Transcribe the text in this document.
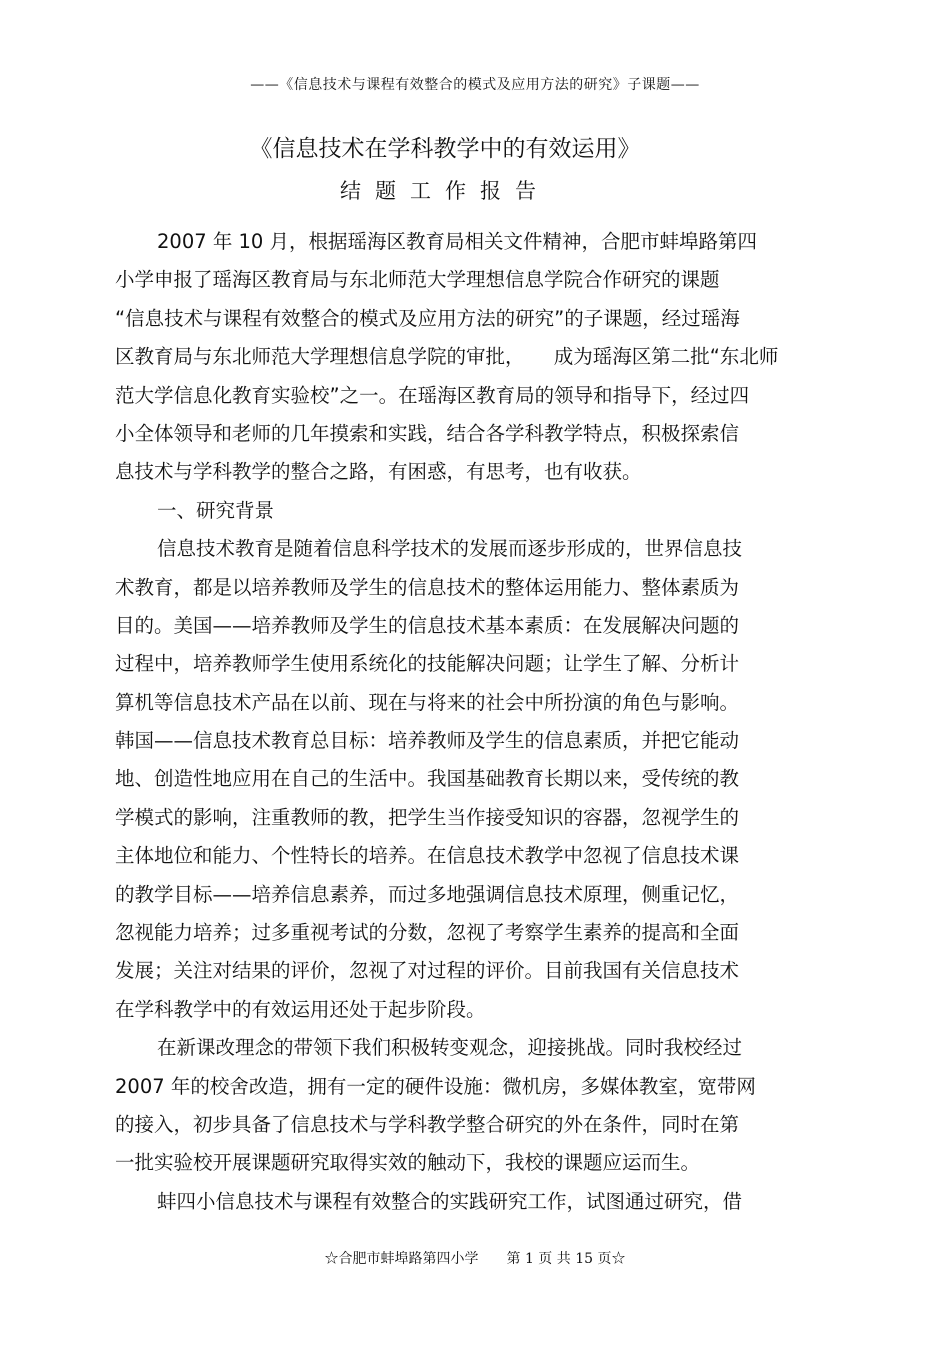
——《信息技术与课程有效整合的模式及应用方法的研究》子课题——
《信息技术在学科教学中的有效运用》
结题工作报告
2007 年 10 月，根据瑶海区教育局相关文件精神，合肥市蚌埠路第四
小学申报了瑶海区教育局与东北师范大学理想信息学院合作研究的课题
“信息技术与课程有效整合的模式及应用方法的研究”的子课题，经过瑶海
区教育局与东北师范大学理想信息学院的审批，　　成为瑶海区第二批“东北师
范大学信息化教育实验校”之一。在瑶海区教育局的领导和指导下，经过四
小全体领导和老师的几年摸索和实践，结合各学科教学特点，积极探索信
息技术与学科教学的整合之路，有困惑，有思考，也有收获。
一、研究背景
信息技术教育是随着信息科学技术的发展而逐步形成的，世界信息技
术教育，都是以培养教师及学生的信息技术的整体运用能力、整体素质为
目的。美国——培养教师及学生的信息技术基本素质：在发展解决问题的
过程中，培养教师学生使用系统化的技能解决问题；让学生了解、分析计
算机等信息技术产品在以前、现在与将来的社会中所扮演的角色与影响。
韩国——信息技术教育总目标：培养教师及学生的信息素质，并把它能动
地、创造性地应用在自己的生活中。我国基础教育长期以来，受传统的教
学模式的影响，注重教师的教，把学生当作接受知识的容器，忽视学生的
主体地位和能力、个性特长的培养。在信息技术教学中忽视了信息技术课
的教学目标——培养信息素养，而过多地强调信息技术原理，侧重记忆，
忽视能力培养；过多重视考试的分数，忽视了考察学生素养的提高和全面
发展；关注对结果的评价，忽视了对过程的评价。目前我国有关信息技术
在学科教学中的有效运用还处于起步阶段。
在新课改理念的带领下我们积极转变观念，迎接挑战。同时我校经过
2007 年的校舍改造，拥有一定的硬件设施：微机房，多媒体教室，宽带网
的接入，初步具备了信息技术与学科教学整合研究的外在条件，同时在第
一批实验校开展课题研究取得实效的触动下，我校的课题应运而生。
蚌四小信息技术与课程有效整合的实践研究工作，试图通过研究，借
☆合肥市蚌埠路第四小学　　第 1 页 共 15 页☆
